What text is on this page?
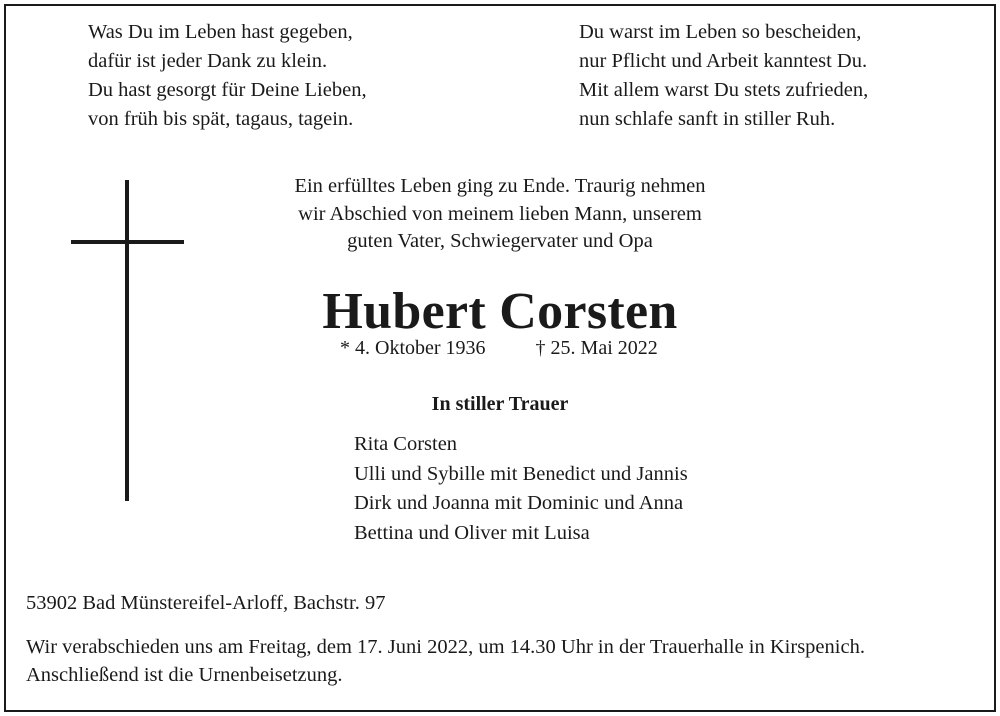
Was Du im Leben hast gegeben,
dafür ist jeder Dank zu klein.
Du hast gesorgt für Deine Lieben,
von früh bis spät, tagaus, tagein.
Du warst im Leben so bescheiden,
nur Pflicht und Arbeit kanntest Du.
Mit allem warst Du stets zufrieden,
nun schlafe sanft in stiller Ruh.
Ein erfülltes Leben ging zu Ende. Traurig nehmen
wir Abschied von meinem lieben Mann, unserem
guten Vater, Schwiegervater und Opa
Hubert Corsten
* 4. Oktober 1936	† 25. Mai 2022
In stiller Trauer
Rita Corsten
Ulli und Sybille mit Benedict und Jannis
Dirk und Joanna mit Dominic und Anna
Bettina und Oliver mit Luisa
53902 Bad Münstereifel-Arloff, Bachstr. 97
Wir verabschieden uns am Freitag, dem 17. Juni 2022, um 14.30 Uhr in der Trauerhalle in Kirspenich.
Anschließend ist die Urnenbeisetzung.
